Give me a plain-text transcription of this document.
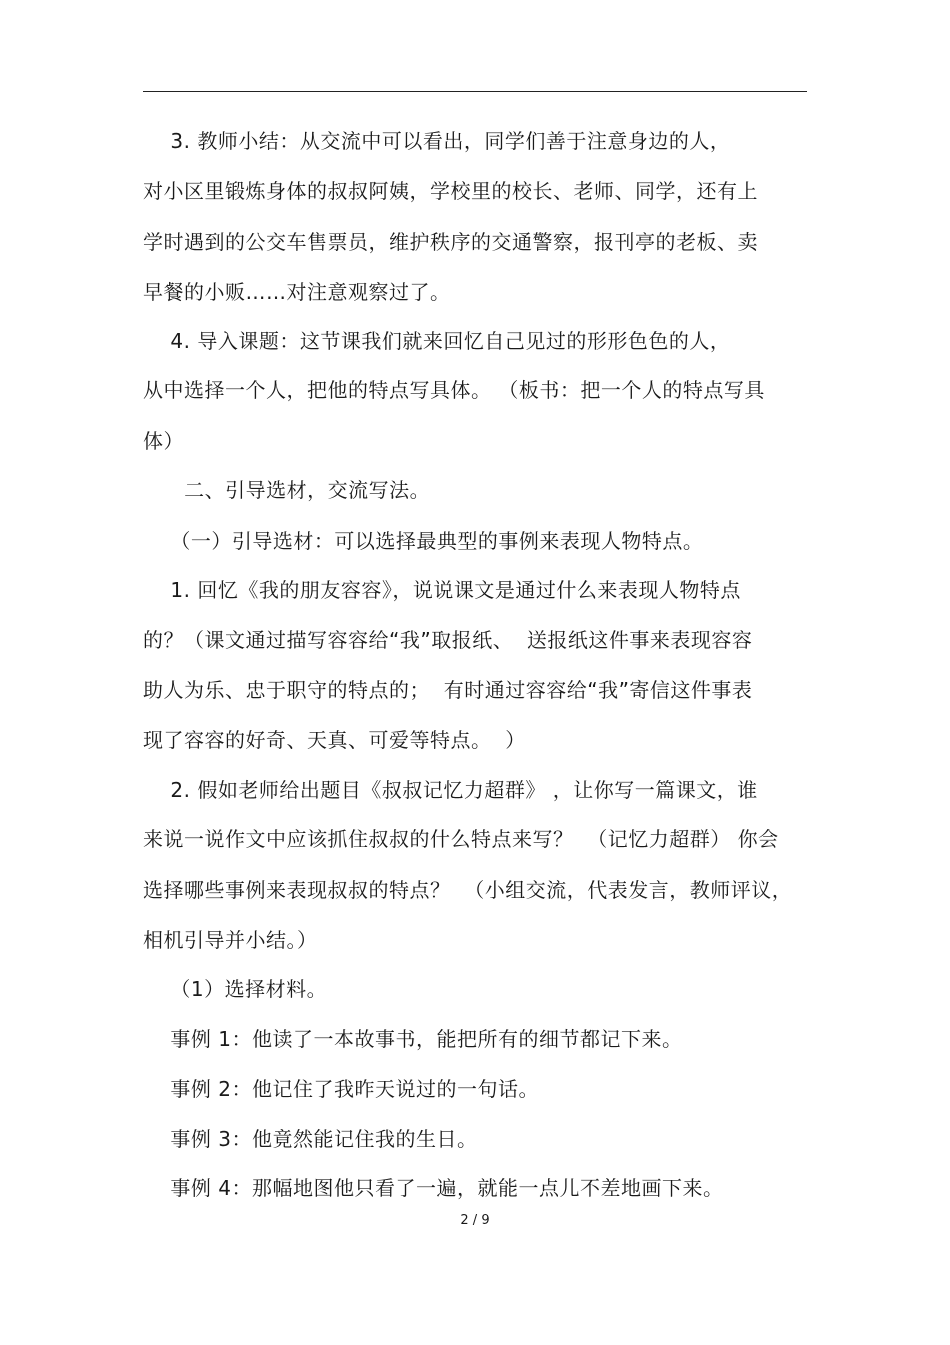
3. 教师小结：从交流中可以看出，同学们善于注意身边的人，
对小区里锻炼身体的叔叔阿姨，学校里的校长、老师、同学，还有上
学时遇到的公交车售票员，维护秩序的交通警察，报刊亭的老板、卖
早餐的小贩……对注意观察过了。
4. 导入课题：这节课我们就来回忆自己见过的形形色色的人，
从中选择一个人，把他的特点写具体。 （板书：把一个人的特点写具
体）
二、引导选材，交流写法。
（一）引导选材：可以选择最典型的事例来表现人物特点。
1. 回忆《我的朋友容容》，说说课文是通过什么来表现人物特点
的？（课文通过描写容容给“我”取报纸、  送报纸这件事来表现容容
助人为乐、忠于职守的特点的；  有时通过容容给“我”寄信这件事表
现了容容的好奇、天真、可爱等特点。  ）
2. 假如老师给出题目《叔叔记忆力超群》 ，让你写一篇课文，谁
来说一说作文中应该抓住叔叔的什么特点来写？  （记忆力超群） 你会
选择哪些事例来表现叔叔的特点？  （小组交流，代表发言，教师评议，
相机引导并小结。）
（1）选择材料。
事例 1：他读了一本故事书，能把所有的细节都记下来。
事例 2：他记住了我昨天说过的一句话。
事例 3：他竟然能记住我的生日。
事例 4：那幅地图他只看了一遍，就能一点儿不差地画下来。
2 / 9
